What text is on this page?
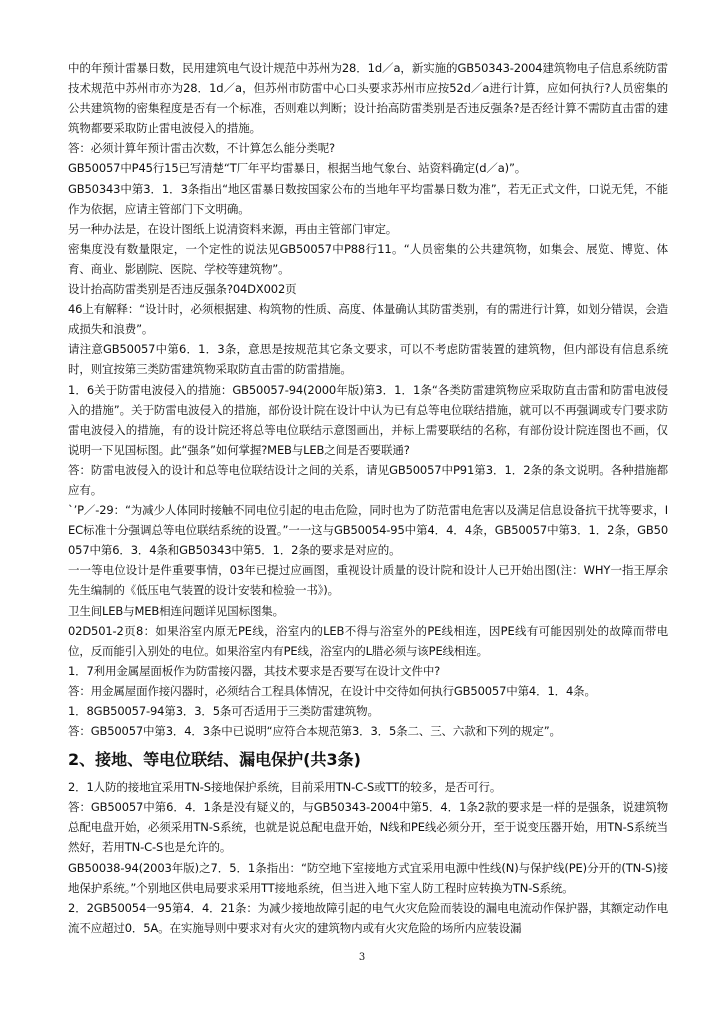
中的年预计雷暴日数，民用建筑电气设计规范中苏州为28．1d／a，新实施的GB50343-2004建筑物电子信息系统防雷技术规范中苏州市亦为28．1d／a，但苏州市防雷中心口头要求苏州市应按52d／a进行计算，应如何执行?人员密集的公共建筑物的密集程度是否有一个标准，否则难以判断；设计抬高防雷类别是否违反强条?是否经计算不需防直击雷的建筑物都要采取防止雷电波侵入的措施。

答：必须计算年预计雷击次数，不计算怎么能分类呢?

GB50057中P45行15已写清楚“T厂年平均雷暴日，根据当地气象台、站资料确定(d／a)”。

GB50343中第3．1．3条指出“地区雷暴日数按国家公布的当地年平均雷暴日数为准”，若无正式文件，口说无凭，不能作为依据，应请主管部门下文明确。

另一种办法是，在设计图纸上说清资料来源，再由主管部门审定。

密集度没有数量限定，一个定性的说法见GB50057中P88行11。“人员密集的公共建筑物，如集会、展览、博览、体育、商业、影剧院、医院、学校等建筑物”。

设计抬高防雷类别是否违反强条?04DX002页

46上有解释：“设计时，必须根据建、构筑物的性质、高度、体量确认其防雷类别，有的需进行计算，如划分错误，会造成损失和浪费”。

请注意GB50057中第6．1．3条，意思是按规范其它条文要求，可以不考虑防雷装置的建筑物，但内部设有信息系统时，则宜按第三类防雷建筑物采取防直击雷的防雷措施。

1．6关于防雷电波侵入的措施：GB50057-94(2000年版)第3．1．1条“各类防雷建筑物应采取防直击雷和防雷电波侵入的措施”。关于防雷电波侵入的措施，部份设计院在设计中认为已有总等电位联结措施，就可以不再强调或专门要求防雷电波侵入的措施，有的设计院还将总等电位联结示意图画出，并标上需要联结的名称，有部份设计院连图也不画，仅说明一下见国标图。此“强条”如何掌握?MEB与LEB之间是否要联通?

答：防雷电波侵入的设计和总等电位联结设计之间的关系，请见GB50057中P91第3．1．2条的条文说明。各种措施都应有。

`’P／-29：“为减少人体同时接触不同电位引起的电击危险，同时也为了防范雷电危害以及满足信息设备抗干扰等要求，IEC标准十分强调总等电位联结系统的设置。”一一这与GB50054-95中第4．4．4条，GB50057中第3．1．2条，GB50057中第6．3．4条和GB50343中第5．1．2条的要求是对应的。

一一等电位设计是件重要事情，03年已提过应画图，重视设计质量的设计院和设计人已开始出图(注：WHY一指王厚余先生编制的《低压电气装置的设计安装和检验一书》)。

卫生间LEB与MEB相连问题详见国标图集。

02D501-2页8：如果浴室内原无PE线，浴室内的LEB不得与浴室外的PE线相连，因PE线有可能因别处的故障而带电位，反而能引入别处的电位。如果浴室内有PE线，浴室内的L腊必须与该PE线相连。

1．7利用金属屋面板作为防雷接闪器，其技术要求是否要写在设计文件中?

答：用金属屋面作接闪器时，必须结合工程具体情况，在设计中交待如何执行GB50057中第4．1．4条。

1．8GB50057-94第3．3．5条可否适用于三类防雷建筑物。

答：GB50057中第3．4．3条中已说明“应符合本规范第3．3．5条二、三、六款和下列的规定”。

2、接地、等电位联结、漏电保护(共3条)

2．1人防的接地宜采用TN-S接地保护系统，目前采用TN-C-S或TT的较多，是否可行。

答：GB50057中第6．4．1条是没有疑义的，与GB50343-2004中第5．4．1条2款的要求是一样的是强条，说建筑物总配电盘开始，必须采用TN-S系统，也就是说总配电盘开始，N线和PE线必须分开，至于说变压器开始，用TN-S系统当然好，若用TN-C-S也是允许的。

GB50038-94(2003年版)之7．5．1条指出：“防空地下室接地方式宜采用电源中性线(N)与保护线(PE)分开的(TN-S)接地保护系统。”个别地区供电局要求采用TT接地系统，但当进入地下室人防工程时应转换为TN-S系统。

2．2GB50054一95第4．4．21条：为减少接地故障引起的电气火灾危险而装设的漏电电流动作保护器，其额定动作电流不应超过0．5A。在实施导则中要求对有火灾的建筑物内或有火灾危险的场所内应装设漏

3
